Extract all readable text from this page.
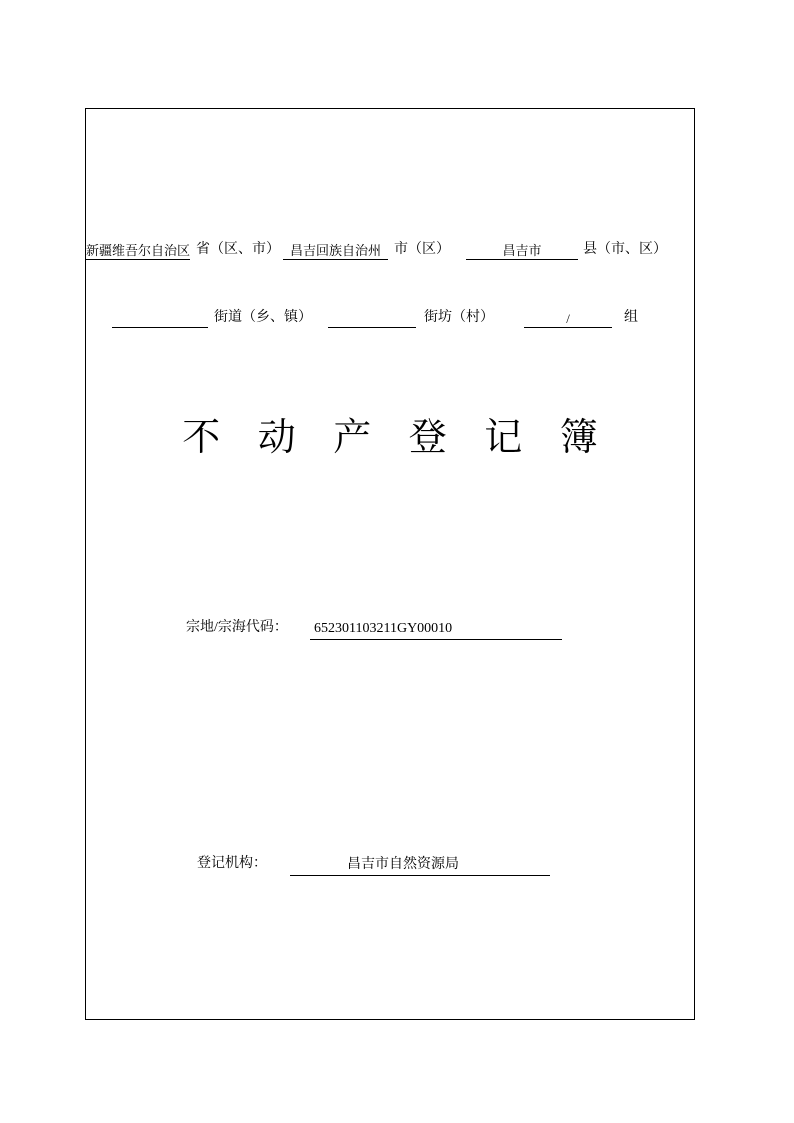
新疆维吾尔自治区 省（区、市） 昌吉回族自治州 市（区）	昌吉市	县（市、区）
街道（乡、镇）	街坊（村）	/	组
不 动 产 登 记 簿
宗地/宗海代码： 652301103211GY00010
登记机构：	昌吉市自然资源局
